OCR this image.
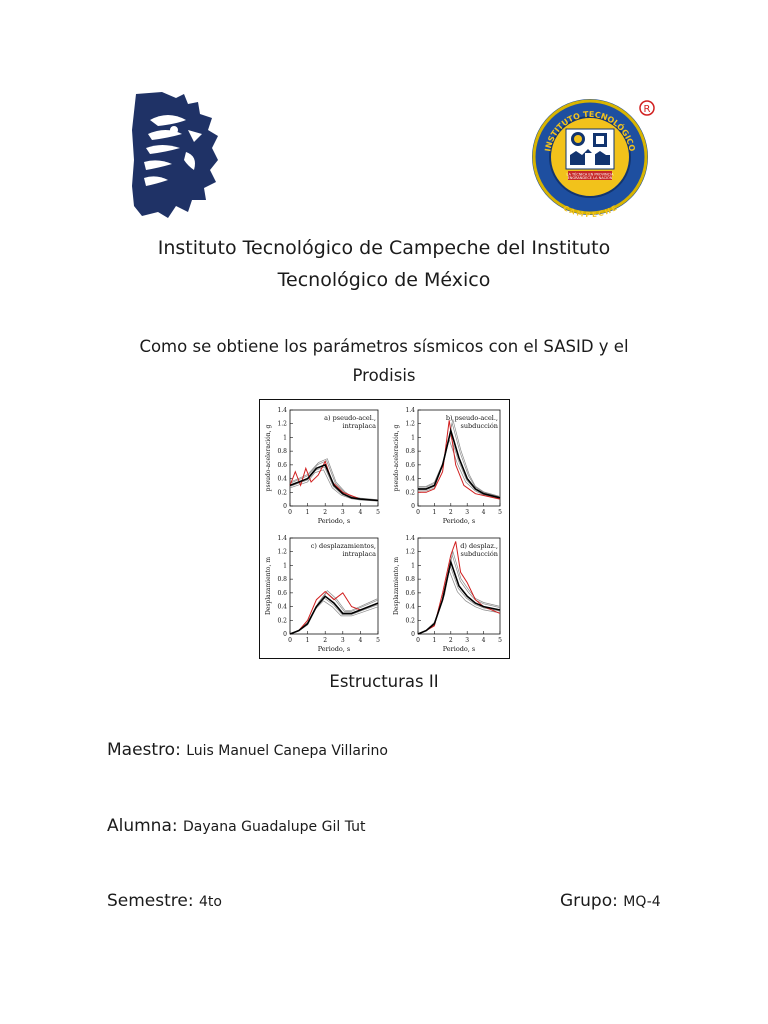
INSTITUTO TECNOLÓGICO
CAMPECHE
LA TÉCNICA EN PROVINCIA
ENGRANDECE LA NACIÓN
R
Instituto Tecnológico de Campeche del Instituto
Tecnológico de México
Como se obtiene los parámetros sísmicos con el SASID y el
Prodisis
0
0.2
0.4
0.6
0.8
1
1.2
1.4
0 1 2 3 4 5
Periodo, s
pseudo-aceleración, g
a) pseudo-acel.,
intraplaca
0
0.2
0.4
0.6
0.8
1
1.2
1.4
0 1 2 3 4 5
Periodo, s
pseudo-aceleración, g
b) pseudo-acel.,
subducción
0
0.2
0.4
0.6
0.8
1
1.2
1.4
0 1 2 3 4 5
Periodo, s
Desplazamiento, m
c) desplazamientos,
intraplaca
0
0.2
0.4
0.6
0.8
1
1.2
1.4
0 1 2 3 4 5
Periodo, s
Desplazamiento, m
d) desplaz.,
subducción
Estructuras II
Maestro: Luis Manuel Canepa Villarino
Alumna: Dayana Guadalupe Gil Tut
Semestre: 4to	Grupo: MQ-4
